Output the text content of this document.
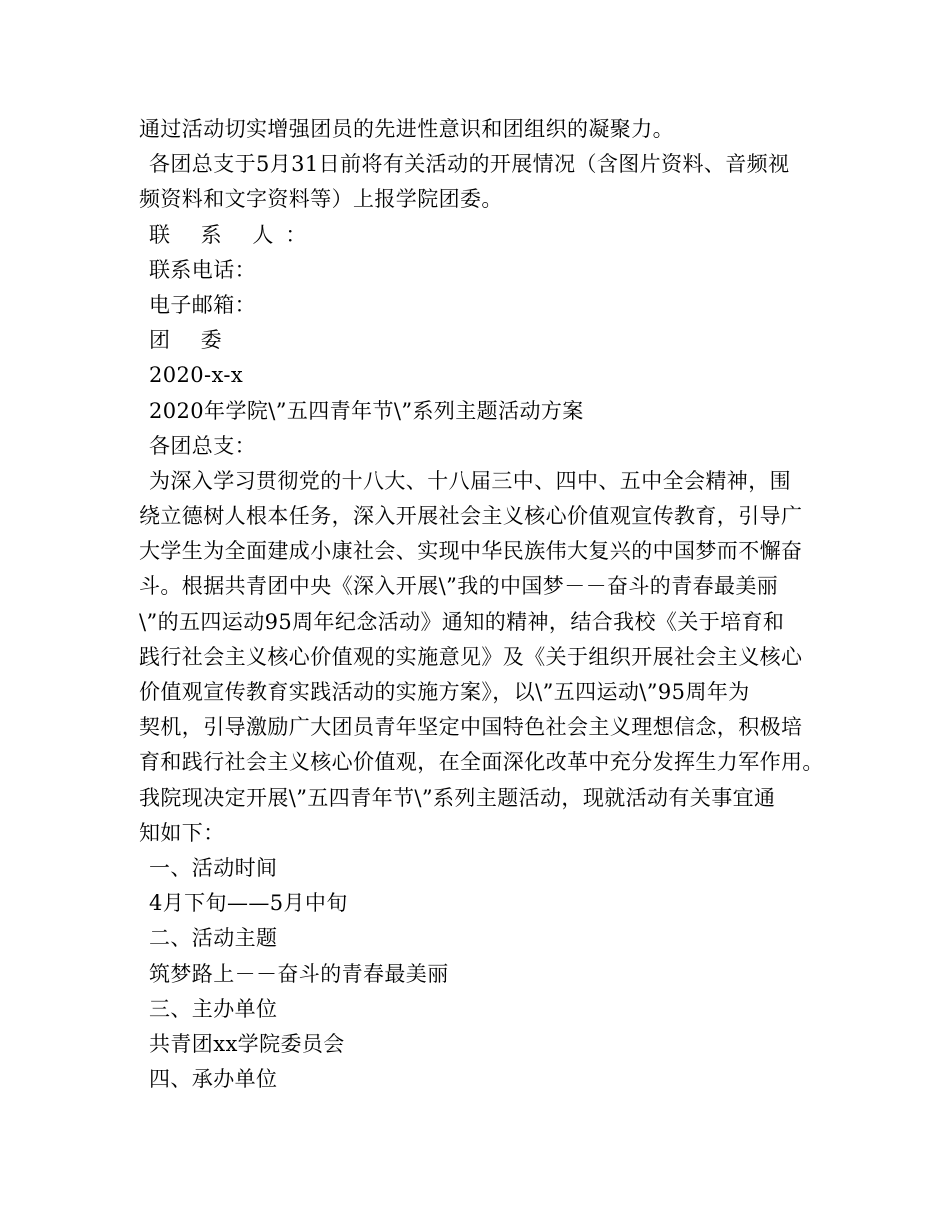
通过活动切实增强团员的先进性意识和团组织的凝聚力。
各团总支于5月31日前将有关活动的开展情况（含图片资料、音频视
频资料和文字资料等）上报学院团委。
联 系 人：
联系电话：
电子邮箱：
团 委
2020-x-x
2020年学院\”五四青年节\”系列主题活动方案
各团总支：
为深入学习贯彻党的十八大、十八届三中、四中、五中全会精神，围
绕立德树人根本任务，深入开展社会主义核心价值观宣传教育，引导广
大学生为全面建成小康社会、实现中华民族伟大复兴的中国梦而不懈奋
斗。根据共青团中央《深入开展\”我的中国梦－－奋斗的青春最美丽
\”的五四运动95周年纪念活动》通知的精神，结合我校《关于培育和
践行社会主义核心价值观的实施意见》及《关于组织开展社会主义核心
价值观宣传教育实践活动的实施方案》，以\”五四运动\”95周年为
契机，引导激励广大团员青年坚定中国特色社会主义理想信念，积极培
育和践行社会主义核心价值观，在全面深化改革中充分发挥生力军作用。
我院现决定开展\”五四青年节\”系列主题活动，现就活动有关事宜通
知如下：
一、活动时间
4月下旬——5月中旬
二、活动主题
筑梦路上－－奋斗的青春最美丽
三、主办单位
共青团xx学院委员会
四、承办单位
